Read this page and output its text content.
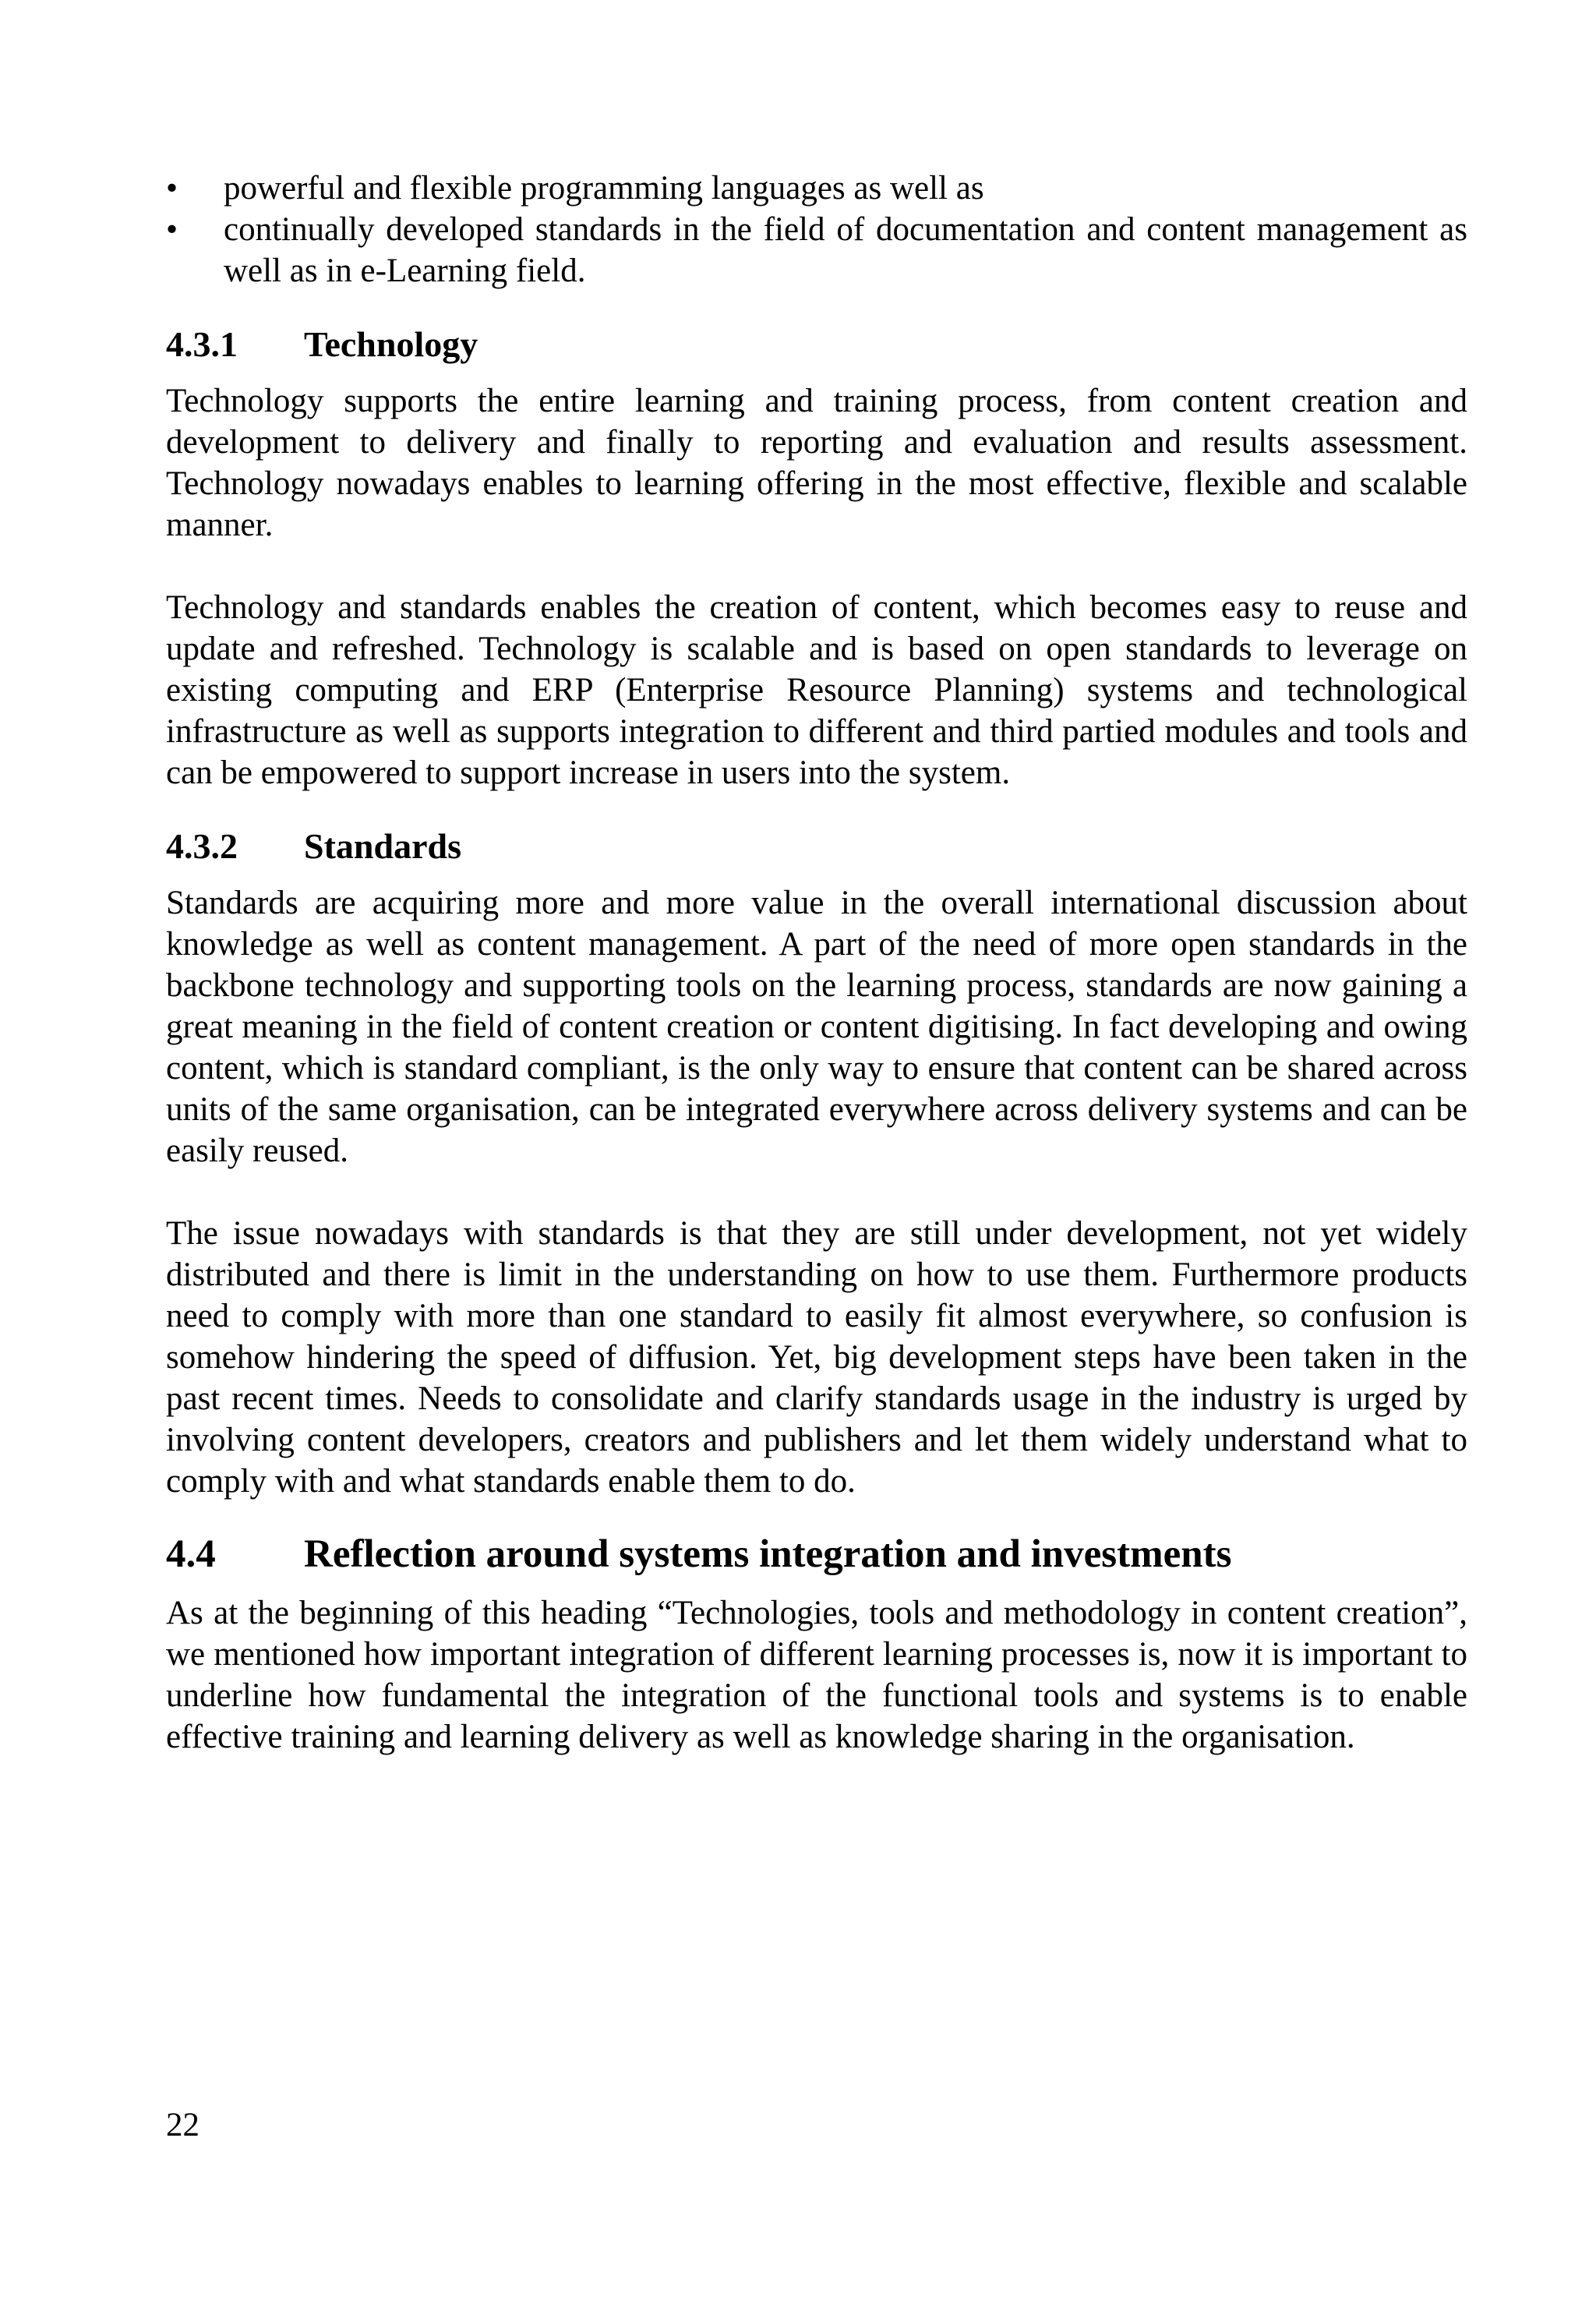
•	powerful and flexible programming languages as well as
•	continually developed standards in the field of documentation and content management as well as in e-Learning field.
4.3.1 Technology

Technology supports the entire learning and training process, from content creation and development to delivery and finally to reporting and evaluation and results assessment. Technology nowadays enables to learning offering in the most effective, flexible and scalable manner.

Technology and standards enables the creation of content, which becomes easy to reuse and update and refreshed. Technology is scalable and is based on open standards to leverage on existing computing and ERP (Enterprise Resource Planning) systems and technological infrastructure as well as supports integration to different and third partied modules and tools and can be empowered to support increase in users into the system.

4.3.2 Standards

Standards are acquiring more and more value in the overall international discussion about knowledge as well as content management. A part of the need of more open standards in the backbone technology and supporting tools on the learning process, standards are now gaining a great meaning in the field of content creation or content digitising. In fact developing and owing content, which is standard compliant, is the only way to ensure that content can be shared across units of the same organisation, can be integrated everywhere across delivery systems and can be easily reused.

The issue nowadays with standards is that they are still under development, not yet widely distributed and there is limit in the understanding on how to use them. Furthermore products need to comply with more than one standard to easily fit almost everywhere, so confusion is somehow hindering the speed of diffusion. Yet, big development steps have been taken in the past recent times. Needs to consolidate and clarify standards usage in the industry is urged by involving content developers, creators and publishers and let them widely understand what to comply with and what standards enable them to do.

4.4 Reflection around systems integration and investments

As at the beginning of this heading “Technologies, tools and methodology in content creation”, we mentioned how important integration of different learning processes is, now it is important to underline how fundamental the integration of the functional tools and systems is to enable effective training and learning delivery as well as knowledge sharing in the organisation.

22
